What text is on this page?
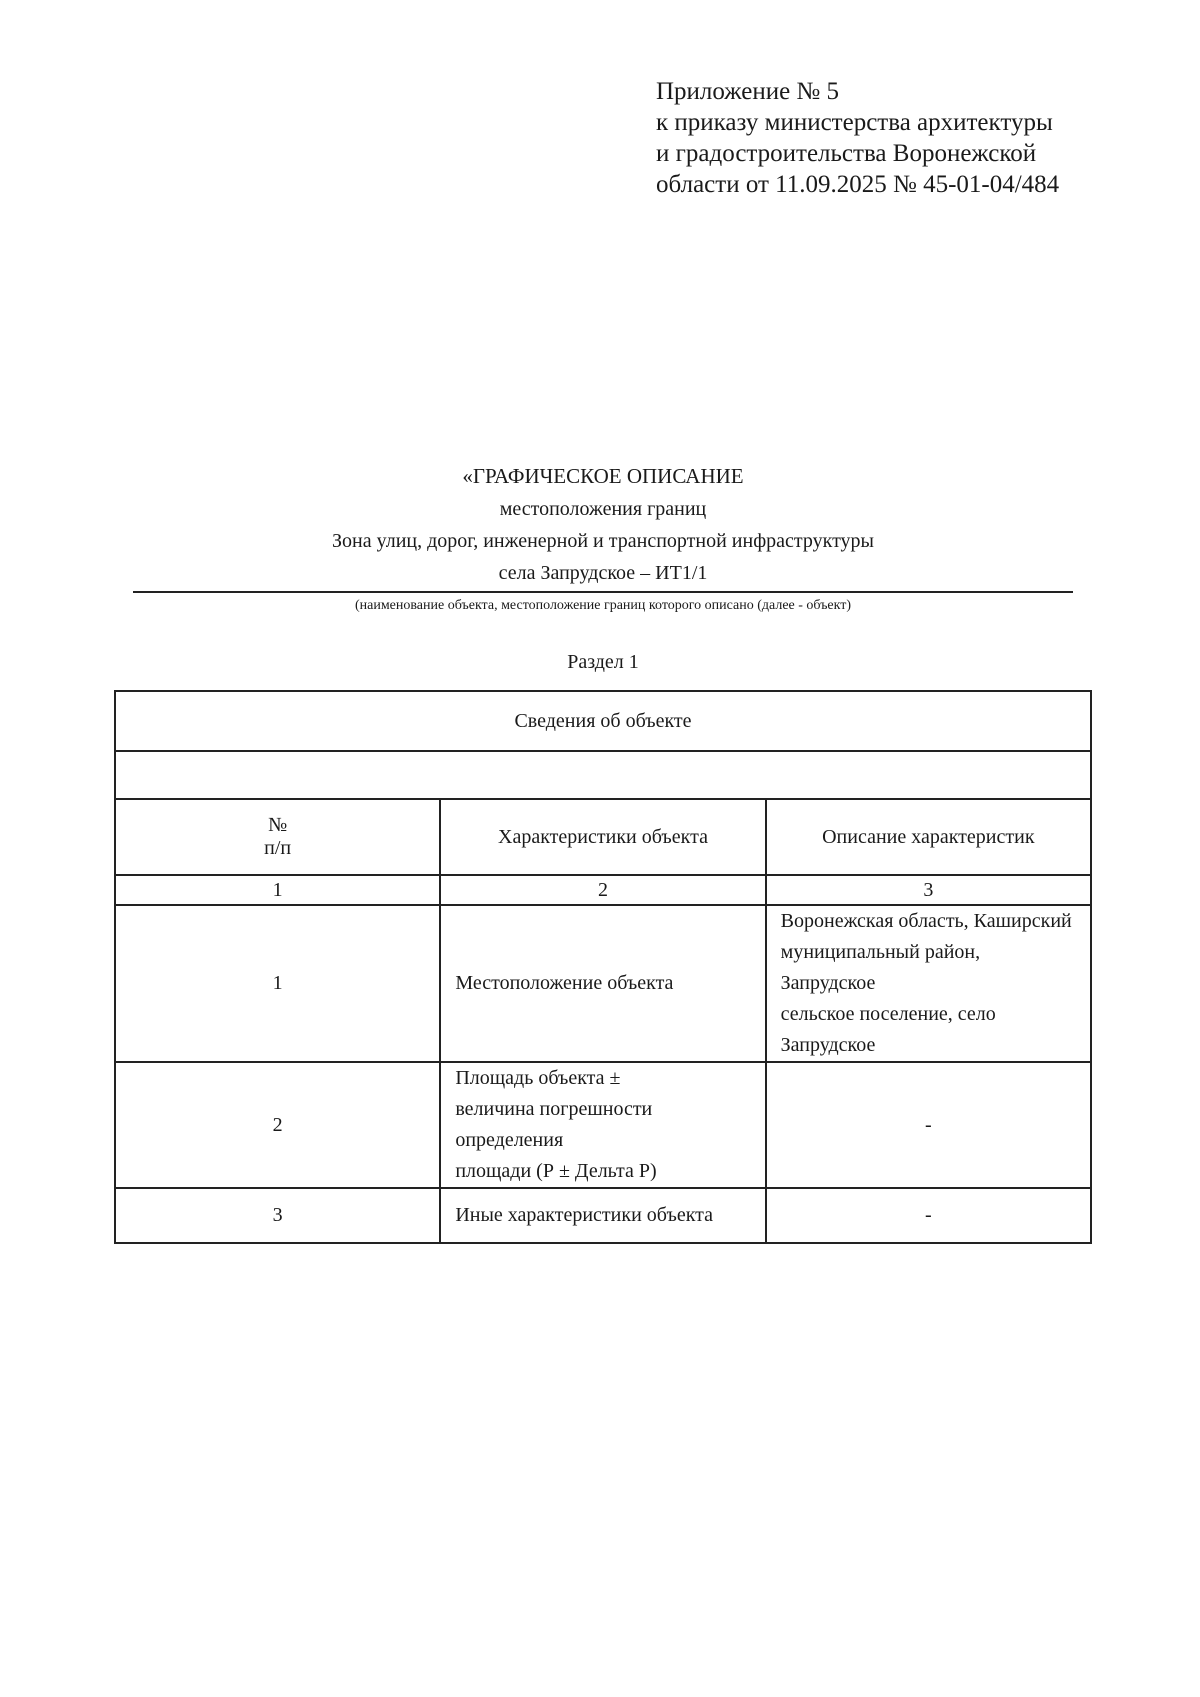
Приложение № 5
к приказу министерства архитектуры
и градостроительства Воронежской
области от 11.09.2025 № 45-01-04/484
«ГРАФИЧЕСКОЕ ОПИСАНИЕ
местоположения границ
Зона улиц, дорог, инженерной и транспортной инфраструктуры
села Запрудское – ИТ1/1
(наименование объекта, местоположение границ которого описано (далее - объект)
Раздел 1
Сведения об объекте		

№
п/п	Характеристики объекта	Описание характеристик
1	2	3
1	Местоположение объекта	Воронежская область, Каширский
муниципальный район, Запрудское
сельское поселение, село Запрудское

2	Площадь объекта ±
величина погрешности определения
площади (Р ± Дельта Р)	-
3	Иные характеристики объекта	-
